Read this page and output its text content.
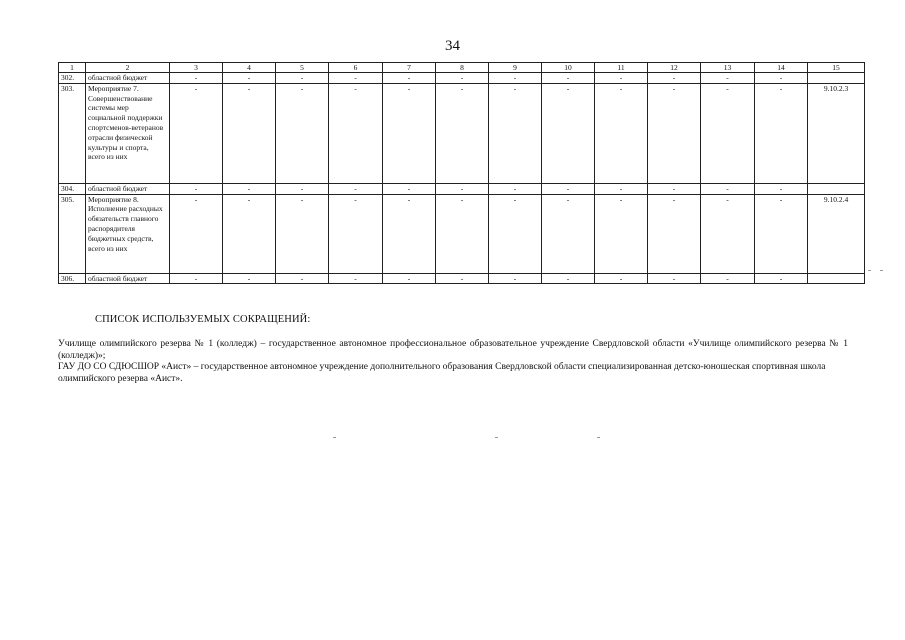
34
1	2	3	4	5	6	7	8	9	10	11	12	13	14	15
302.	областной бюджет	-	-	-	-	-	-	-	-	-	-	-	-	
303.	Мероприятие 7. Совершенствование системы мер социальной поддержки спортсменов-ветеранов отрасли физической культуры и спорта, всего из них	-	-	-	-	-	-	-	-	-	-	-	-	9.10.2.3
304.	областной бюджет	-	-	-	-	-	-	-	-	-	-	-	-	
305.	Мероприятие 8. Исполнение расходных обязательств главного распорядителя бюджетных средств, всего из них	-	-	-	-	-	-	-	-	-	-	-	-	9.10.2.4
306.	областной бюджет	-	-	-	-	-	-	-	-	-	-	-	-	
СПИСОК ИСПОЛЬЗУЕМЫХ СОКРАЩЕНИЙ:

Училище олимпийского резерва № 1 (колледж) – государственное автономное профессиональное образовательное учреждение Свердловской области «Училище олимпийского резерва № 1 (колледж)»;

ГАУ ДО СО СДЮСШОР «Аист» – государственное автономное учреждение дополнительного образования Свердловской области специализированная детско-юношеская спортивная школа олимпийского резерва «Аист».
